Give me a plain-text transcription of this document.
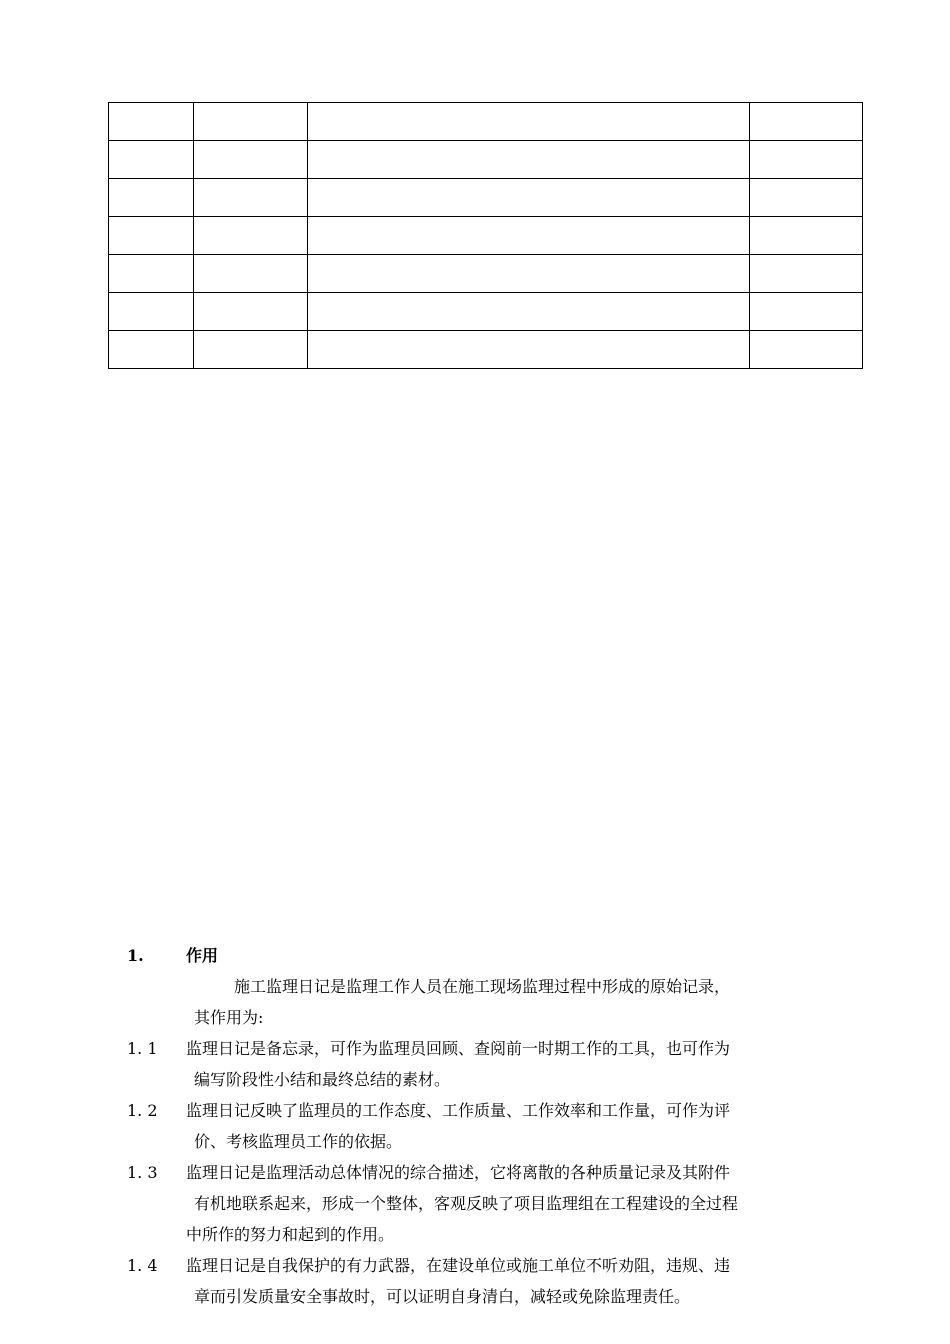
1.	作用
施工监理日记是监理工作人员在施工现场监理过程中形成的原始记录，
其作用为:
1. 1 监理日记是备忘录，可作为监理员回顾、查阅前一时期工作的工具，也可作为
编写阶段性小结和最终总结的素材。
1. 2 监理日记反映了监理员的工作态度、工作质量、工作效率和工作量，可作为评
价、考核监理员工作的依据。
1. 3 监理日记是监理活动总体情况的综合描述，它将离散的各种质量记录及其附件
有机地联系起来，形成一个整体，客观反映了项目监理组在工程建设的全过程
中所作的努力和起到的作用。
1. 4 监理日记是自我保护的有力武器，在建设单位或施工单位不听劝阻，违规、违
章而引发质量安全事故时，可以证明自身清白，减轻或免除监理责任。
